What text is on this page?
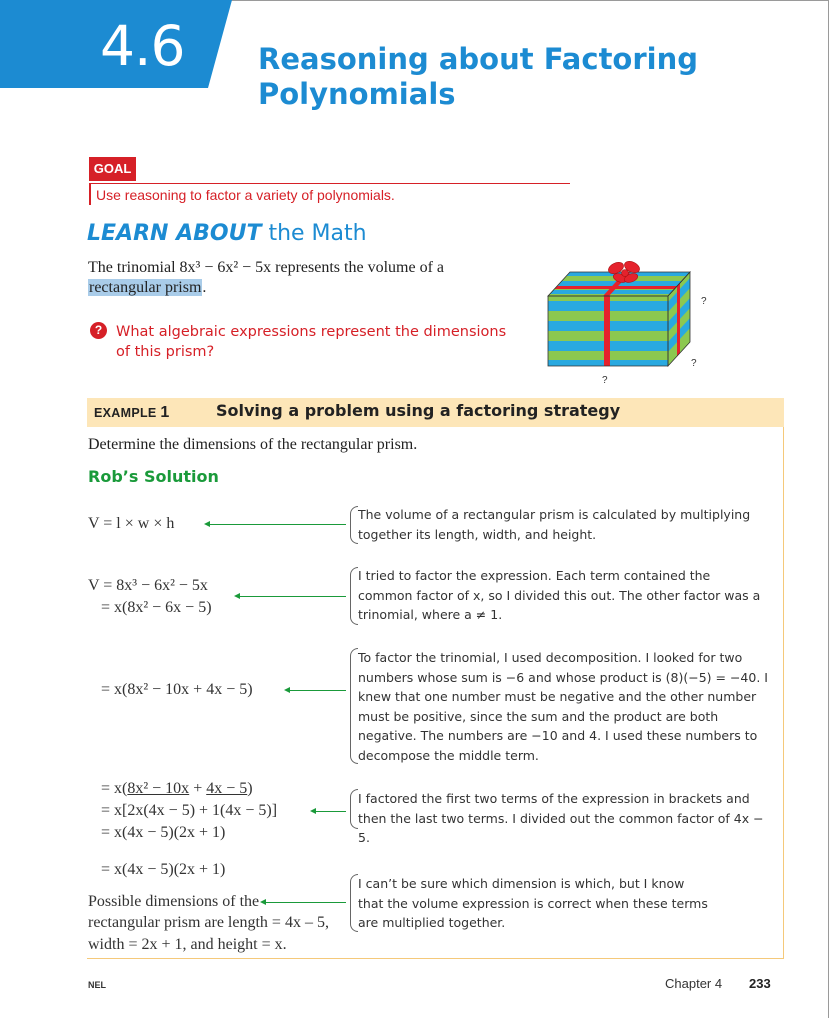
4.6	Reasoning about Factoring
Polynomials
GOAL
Use reasoning to factor a variety of polynomials.
LEARN ABOUT the Math
The trinomial 8x³ − 6x² − 5x represents the volume of a rectangular prism.
? What algebraic expressions represent the dimensions of this prism?
?
?
?
EXAMPLE 1	Solving a problem using a factoring strategy
Determine the dimensions of the rectangular prism.
Rob’s Solution
V = l × w × h
The volume of a rectangular prism is calculated by multiplying together its length, width, and height.
V = 8x³ − 6x² − 5x
= x(8x² − 6x − 5)
I tried to factor the expression. Each term contained the common factor of x, so I divided this out. The other factor was a trinomial, where a ≠ 1.
= x(8x² − 10x + 4x − 5)
To factor the trinomial, I used decomposition. I looked for two numbers whose sum is −6 and whose product is (8)(−5) = −40. I knew that one number must be negative and the other number must be positive, since the sum and the product are both negative. The numbers are −10 and 4. I used these numbers to decompose the middle term.
= x(8x² − 10x + 4x − 5)
= x[2x(4x − 5) + 1(4x − 5)]
= x(4x − 5)(2x + 1)
I factored the first two terms of the expression in brackets and then the last two terms. I divided out the common factor of 4x − 5.
= x(4x − 5)(2x + 1)
Possible dimensions of the
rectangular prism are length = 4x – 5,
width = 2x + 1, and height = x.
I can’t be sure which dimension is which, but I know that the volume expression is correct when these terms are multiplied together.
NEL	Chapter 4 233
